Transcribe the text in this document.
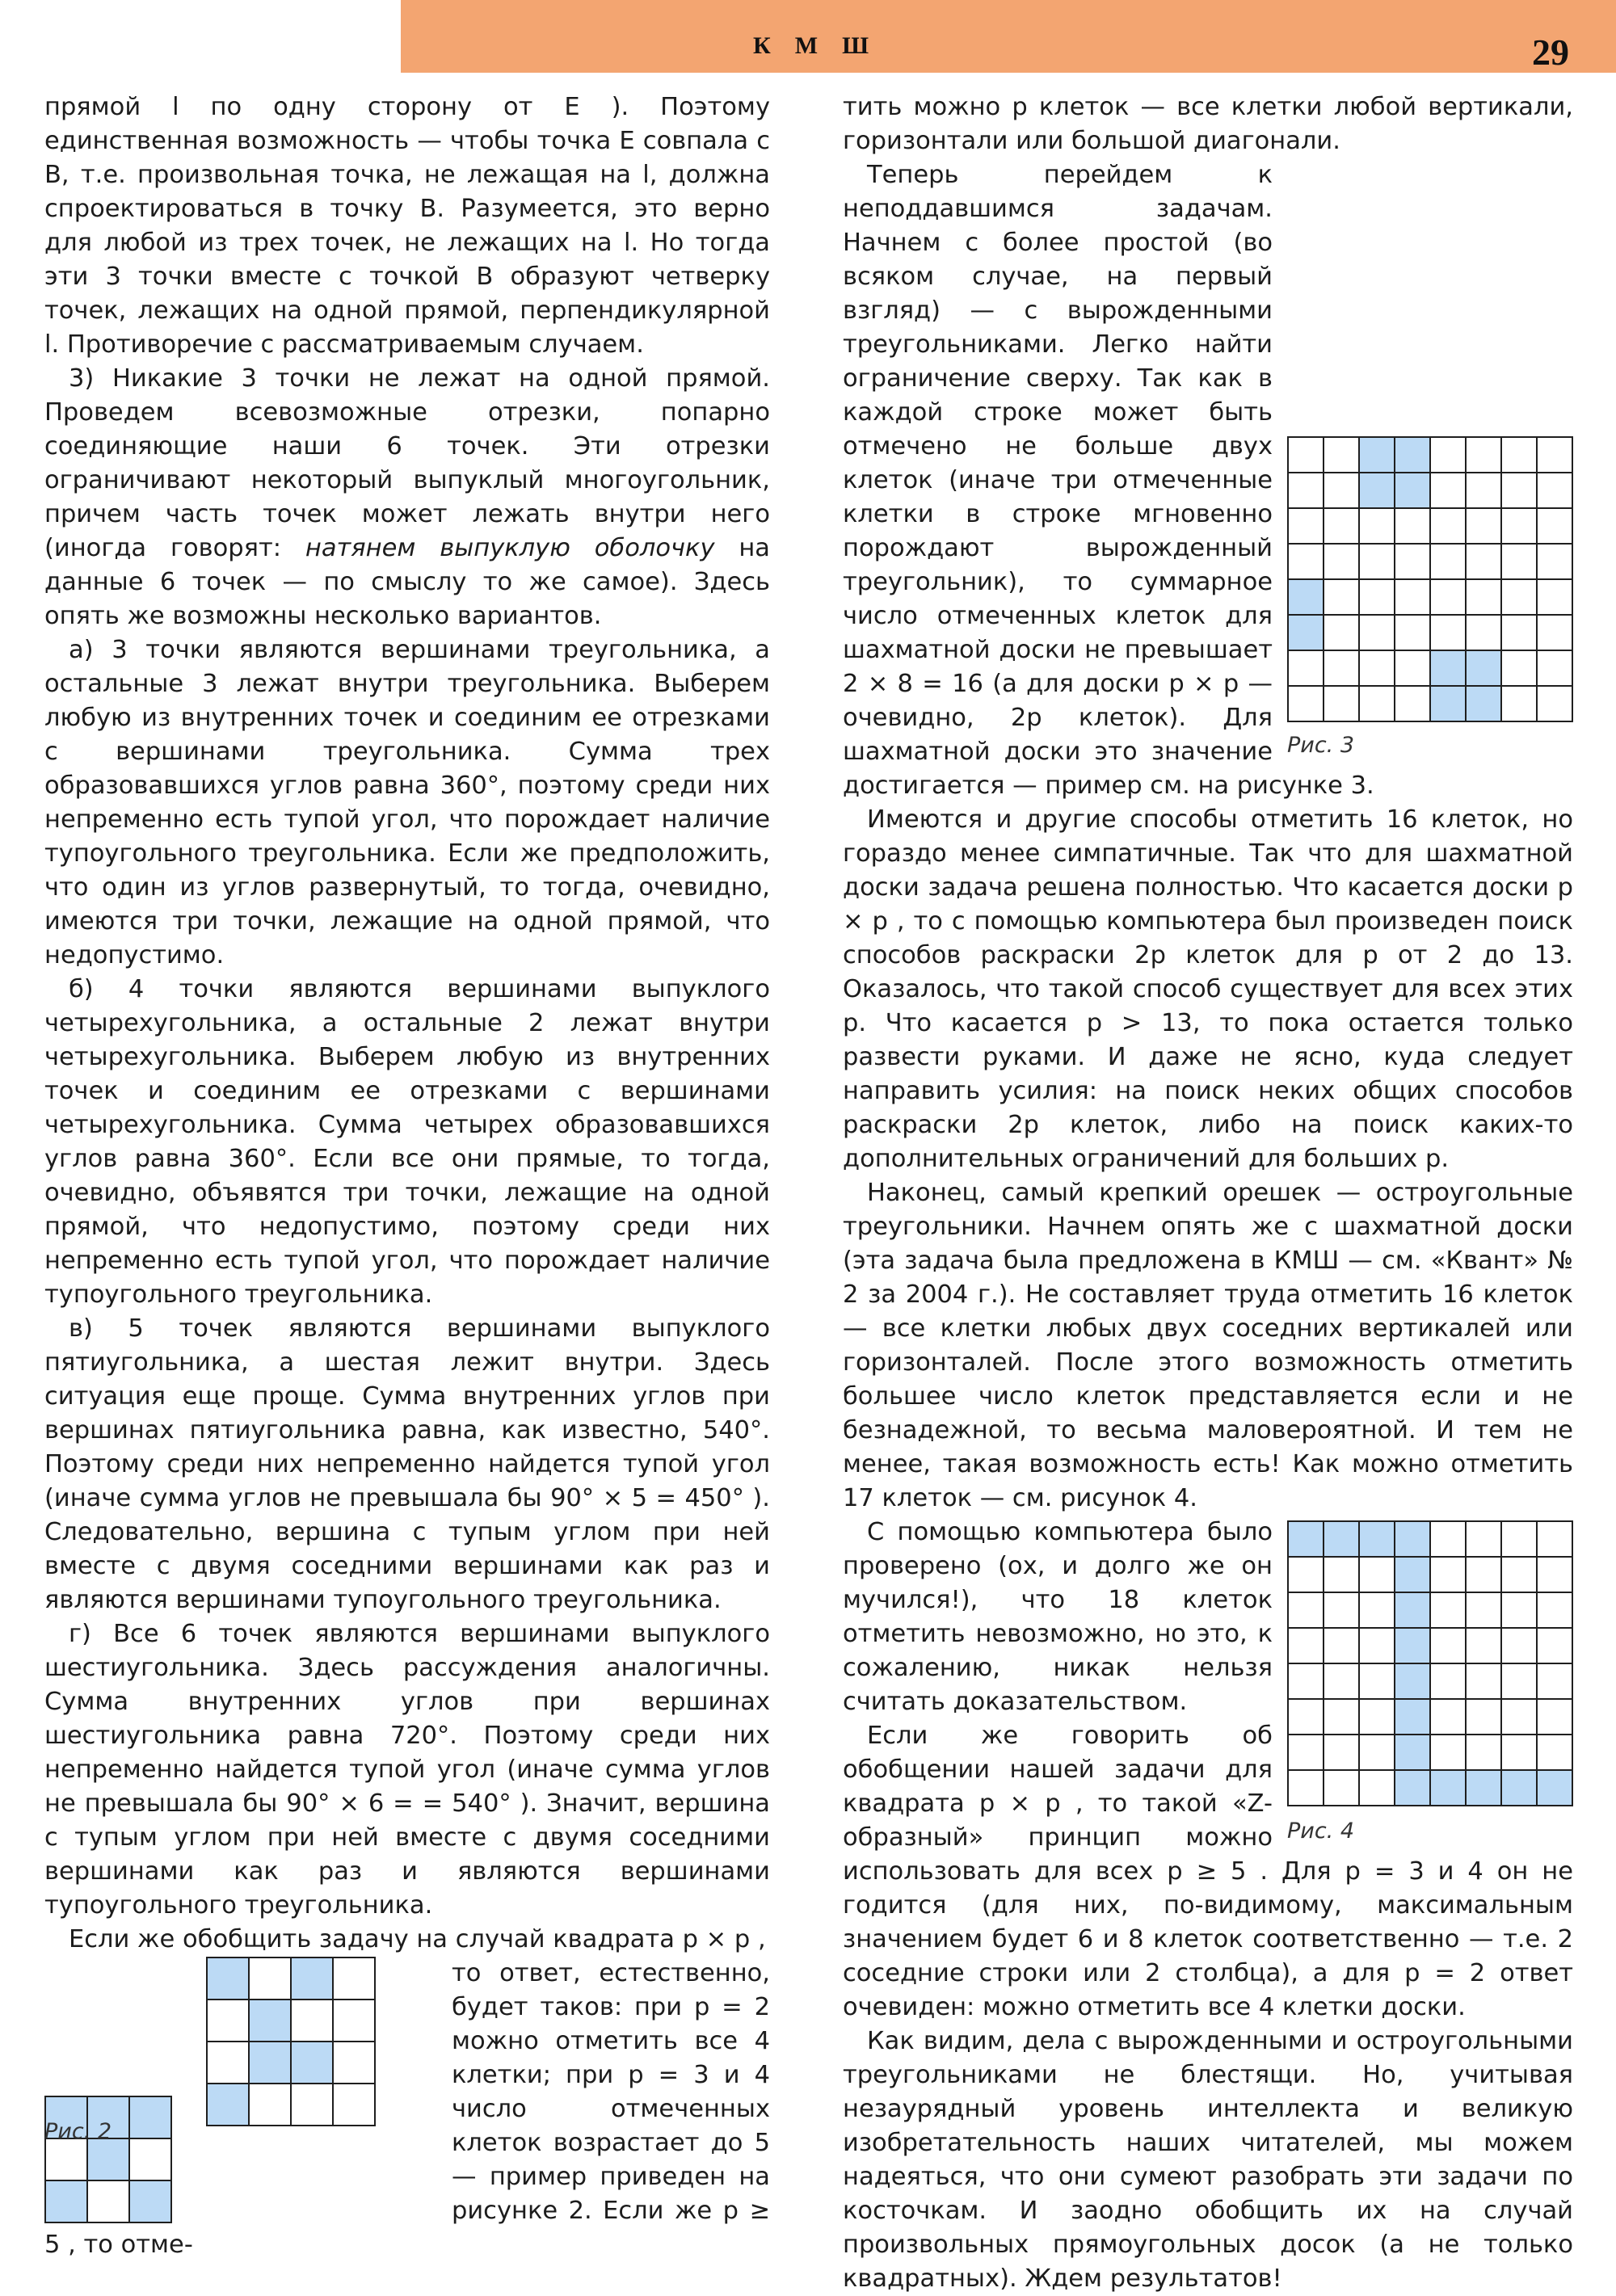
КМШ	29

прямой l по одну сторону от E ). Поэтому единственная возможность — чтобы точка E совпала с B, т.е. произвольная точка, не лежащая на l, должна спроектироваться в точку B. Разумеется, это верно для любой из трех точек, не лежащих на l. Но тогда эти 3 точки вместе с точкой B образуют четверку точек, лежащих на одной прямой, перпендикулярной l. Противоречие с рассматриваемым случаем.

3) Никакие 3 точки не лежат на одной прямой. Проведем всевозможные отрезки, попарно соединяющие наши 6 точек. Эти отрезки ограничивают некоторый выпуклый многоугольник, причем часть точек может лежать внутри него (иногда говорят: натянем выпуклую оболочку на данные 6 точек — по смыслу то же самое). Здесь опять же возможны несколько вариантов.

а) 3 точки являются вершинами треугольника, а остальные 3 лежат внутри треугольника. Выберем любую из внутренних точек и соединим ее отрезками с вершинами треугольника. Сумма трех образовавшихся углов равна 360°, поэтому среди них непременно есть тупой угол, что порождает наличие тупоугольного треугольника. Если же предположить, что один из углов развернутый, то тогда, очевидно, имеются три точки, лежащие на одной прямой, что недопустимо.

б) 4 точки являются вершинами выпуклого четырехугольника, а остальные 2 лежат внутри четырехугольника. Выберем любую из внутренних точек и соединим ее отрезками с вершинами четырехугольника. Сумма четырех образовавшихся углов равна 360°. Если все они прямые, то тогда, очевидно, объявятся три точки, лежащие на одной прямой, что недопустимо, поэтому среди них непременно есть тупой угол, что порождает наличие тупоугольного треугольника.

в) 5 точек являются вершинами выпуклого пятиугольника, а шестая лежит внутри. Здесь ситуация еще проще. Сумма внутренних углов при вершинах пятиугольника равна, как известно, 540°. Поэтому среди них непременно найдется тупой угол (иначе сумма углов не превышала бы 90° × 5 = 450° ). Следовательно, вершина с тупым углом при ней вместе с двумя соседними вершинами как раз и являются вершинами тупоугольного треугольника.

г) Все 6 точек являются вершинами выпуклого шестиугольника. Здесь рассуждения аналогичны. Сумма внутренних углов при вершинах шестиугольника равна 720°. Поэтому среди них непременно найдется тупой угол (иначе сумма углов не превышала бы 90° × 6 = = 540° ). Значит, вершина с тупым углом при ней вместе с двумя соседними вершинами как раз и являются вершинами тупоугольного треугольника.

Если же обобщить задачу на случай квадрата p × p ,

то ответ, естественно, будет таков: при p = 2 можно отметить все 4 клетки; при p = 3 и 4 число отмеченных клеток возрастает до 5 — пример приведен на рисунке 2. Если же p ≥ 5 , то отме-

Рис. 2

тить можно p клеток — все клетки любой вертикали, горизонтали или большой диагонали.

Рис. 3

Теперь перейдем к неподдавшимся задачам. Начнем с более простой (во всяком случае, на первый взгляд) — с вырожденными треугольниками. Легко найти ограничение сверху. Так как в каждой строке может быть отмечено не больше двух клеток (иначе три отмеченные клетки в строке мгновенно порождают вырожденный треугольник), то суммарное число отмеченных клеток для шахматной доски не превышает 2 × 8 = 16 (а для доски p × p — очевидно, 2p клеток). Для шахматной доски это значение достигается — пример см. на рисунке 3.

Имеются и другие способы отметить 16 клеток, но гораздо менее симпатичные. Так что для шахматной доски задача решена полностью. Что касается доски p × p , то с помощью компьютера был произведен поиск способов раскраски 2p клеток для p от 2 до 13. Оказалось, что такой способ существует для всех этих p. Что касается p > 13, то пока остается только развести руками. И даже не ясно, куда следует направить усилия: на поиск неких общих способов раскраски 2p клеток, либо на поиск каких-то дополнительных ограничений для больших p.

Наконец, самый крепкий орешек — остроугольные треугольники. Начнем опять же с шахматной доски (эта задача была предложена в КМШ — см. «Квант» № 2 за 2004 г.). Не составляет труда отметить 16 клеток — все клетки любых двух соседних вертикалей или горизонталей. После этого возможность отметить большее число клеток представляется если и не безнадежной, то весьма маловероятной. И тем не менее, такая возможность есть! Как можно отметить 17 клеток — см. рисунок 4.

Рис. 4

С помощью компьютера было проверено (ох, и долго же он мучился!), что 18 клеток отметить невозможно, но это, к сожалению, никак нельзя считать доказательством.

Если же говорить об обобщении нашей задачи для квадрата p × p , то такой «Z-образный» принцип можно использовать для всех p ≥ 5 . Для p = 3 и 4 он не годится (для них, по-видимому, максимальным значением будет 6 и 8 клеток соответственно — т.е. 2 соседние строки или 2 столбца), а для p = 2 ответ очевиден: можно отметить все 4 клетки доски.

Как видим, дела с вырожденными и остроугольными треугольниками не блестящи. Но, учитывая незаурядный уровень интеллекта и великую изобретательность наших читателей, мы можем надеяться, что они сумеют разобрать эти задачи по косточкам. И заодно обобщить их на случай произвольных прямоугольных досок (а не только квадратных). Ждем результатов!
